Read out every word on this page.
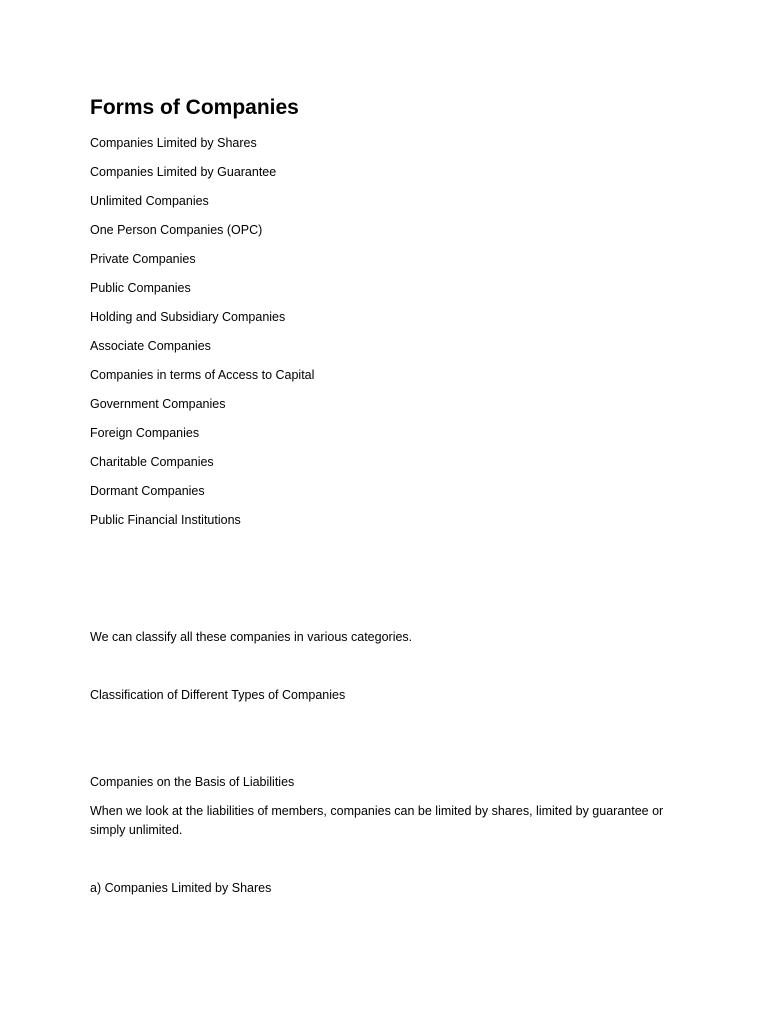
Forms of Companies
Companies Limited by Shares
Companies Limited by Guarantee
Unlimited Companies
One Person Companies (OPC)
Private Companies
Public Companies
Holding and Subsidiary Companies
Associate Companies
Companies in terms of Access to Capital
Government Companies
Foreign Companies
Charitable Companies
Dormant Companies
Public Financial Institutions

We can classify all these companies in various categories.

Classification of Different Types of Companies

Companies on the Basis of Liabilities

When we look at the liabilities of members, companies can be limited by shares, limited by guarantee or simply unlimited.

a) Companies Limited by Shares
